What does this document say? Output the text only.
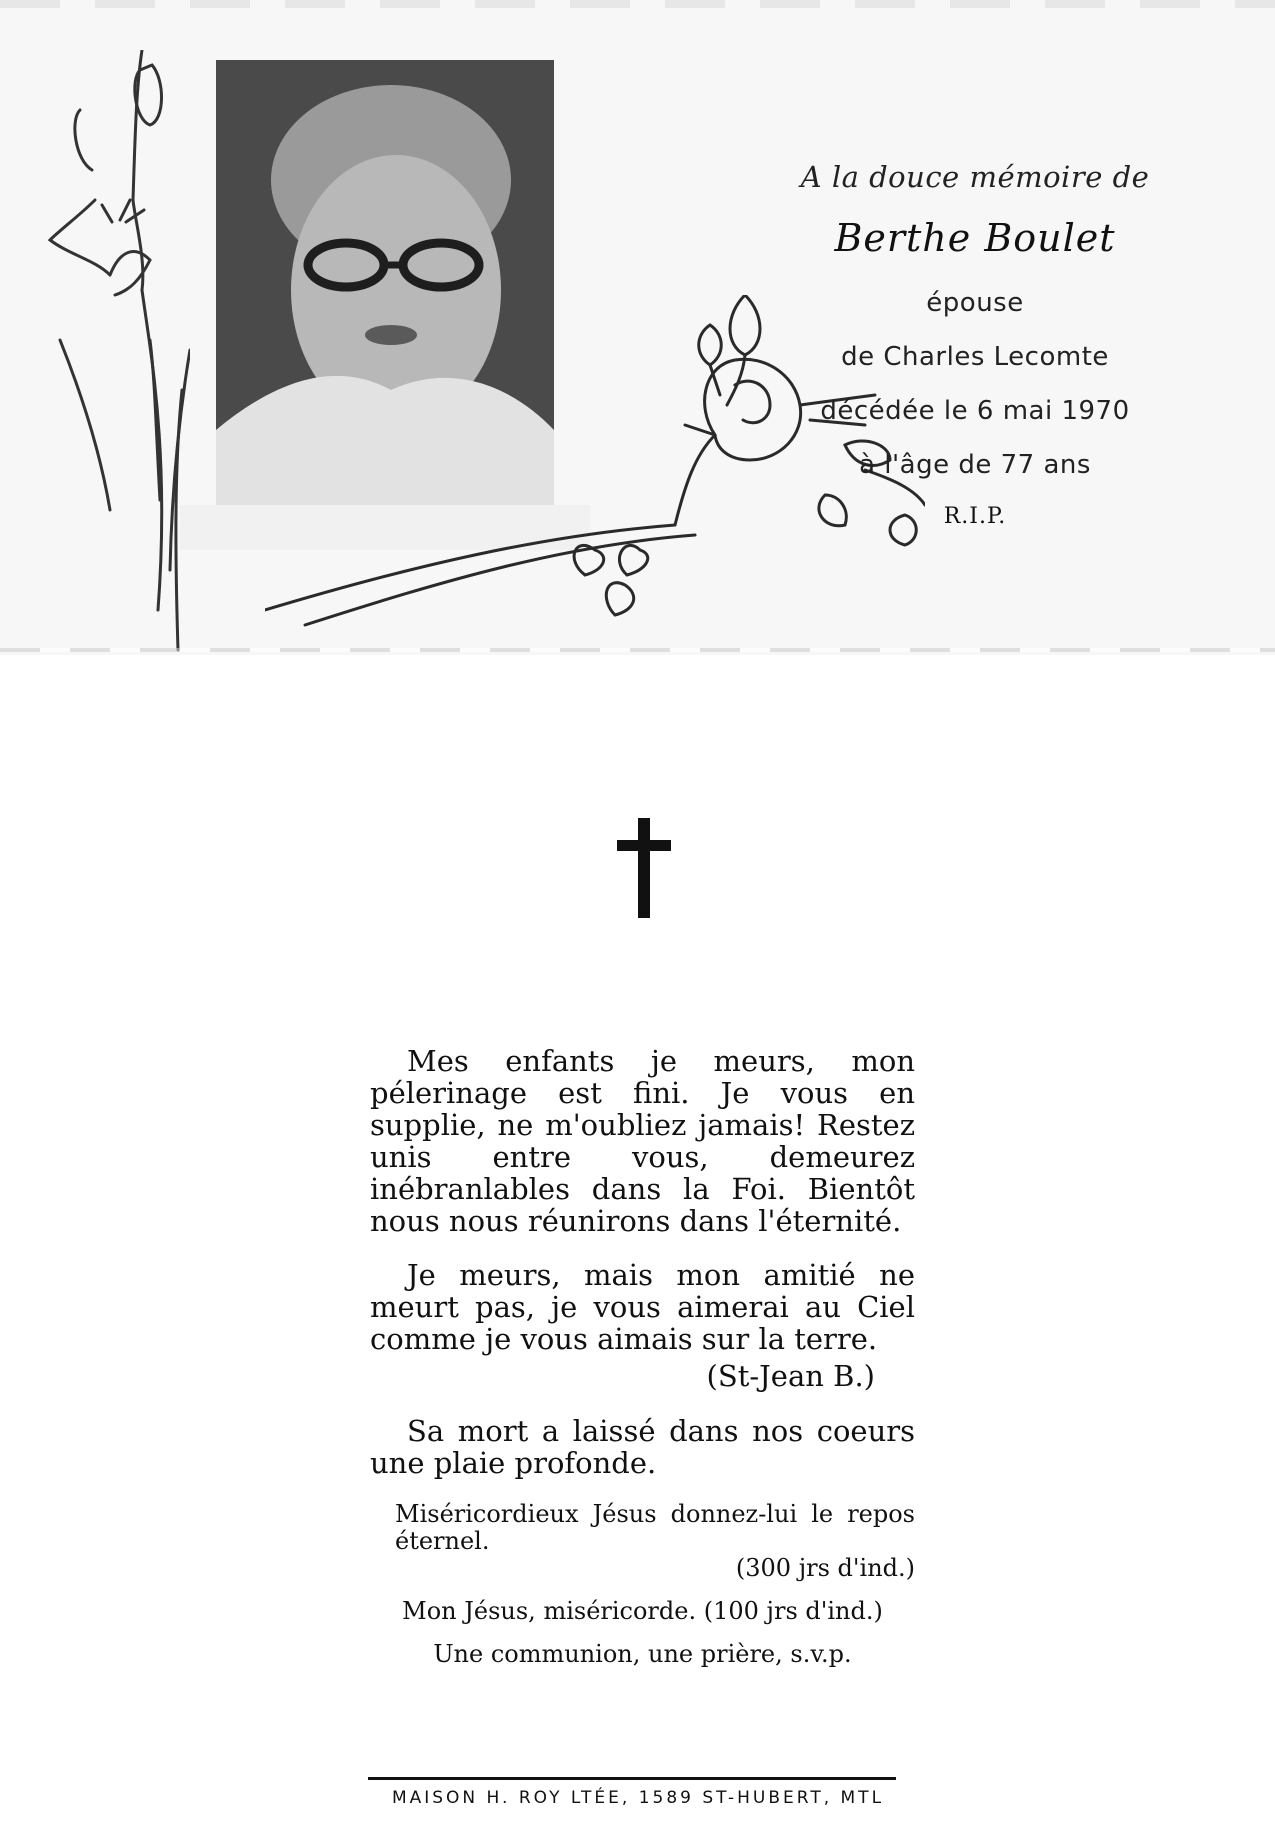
A la douce mémoire de
Berthe Boulet
épouse
de Charles Lecomte
décédée le 6 mai 1970
à l'âge de 77 ans
R.I.P.

Mes enfants je meurs, mon pélerinage est fini. Je vous en supplie, ne m'oubliez jamais! Restez unis entre vous, demeurez inébranlables dans la Foi. Bientôt nous nous réunirons dans l'éternité.

Je meurs, mais mon amitié ne meurt pas, je vous aimerai au Ciel comme je vous aimais sur la terre.

(St-Jean B.)

Sa mort a laissé dans nos coeurs une plaie profonde.

Miséricordieux Jésus donnez-lui le repos éternel.
(300 jrs d'ind.)
Mon Jésus, miséricorde. (100 jrs d'ind.)
Une communion, une prière, s.v.p.
MAISON H. ROY LTÉE, 1589 ST-HUBERT, MTL
